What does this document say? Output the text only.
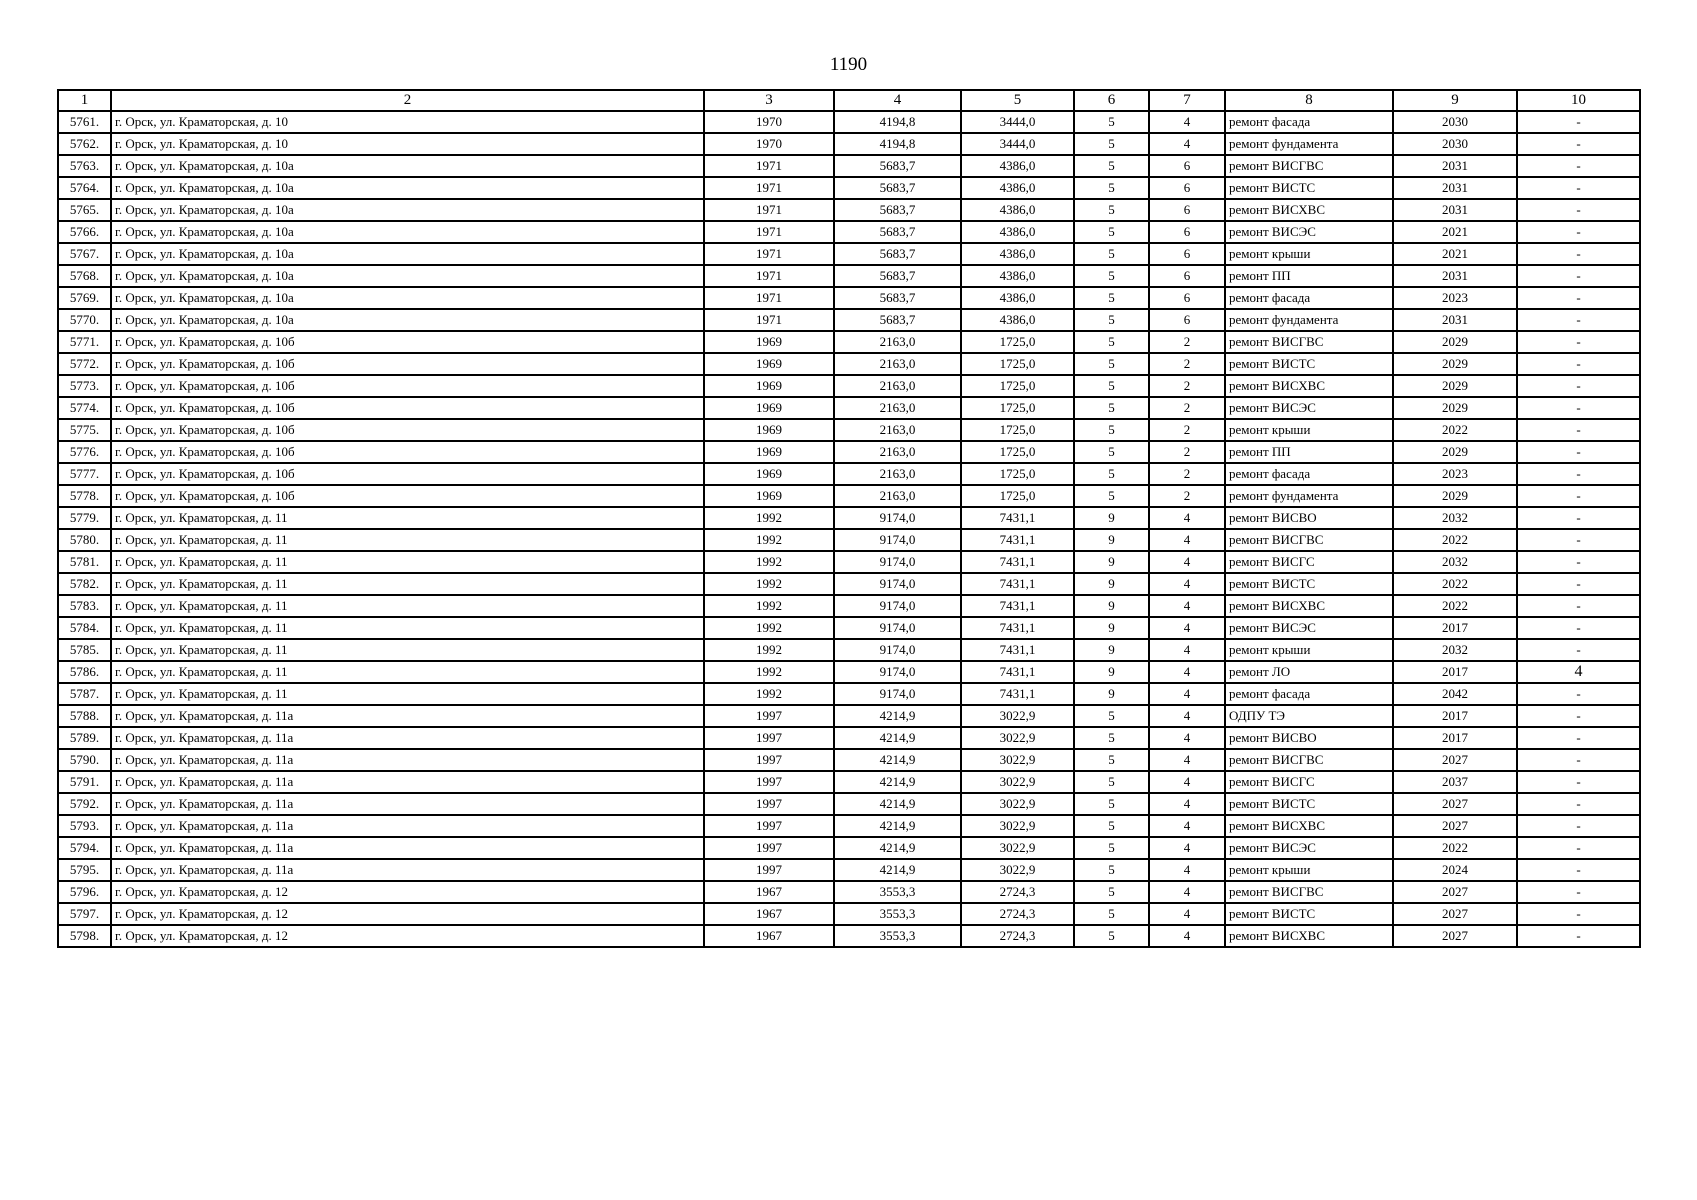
1190
1	2	3	4	5	6	7	8	9	10
5761.	г. Орск, ул. Краматорская, д. 10	1970	4194,8	3444,0	5	4	ремонт фасада	2030	-
5762.	г. Орск, ул. Краматорская, д. 10	1970	4194,8	3444,0	5	4	ремонт фундамента	2030	-
5763.	г. Орск, ул. Краматорская, д. 10а	1971	5683,7	4386,0	5	6	ремонт ВИСГВС	2031	-
5764.	г. Орск, ул. Краматорская, д. 10а	1971	5683,7	4386,0	5	6	ремонт ВИСТС	2031	-
5765.	г. Орск, ул. Краматорская, д. 10а	1971	5683,7	4386,0	5	6	ремонт ВИСХВС	2031	-
5766.	г. Орск, ул. Краматорская, д. 10а	1971	5683,7	4386,0	5	6	ремонт ВИСЭС	2021	-
5767.	г. Орск, ул. Краматорская, д. 10а	1971	5683,7	4386,0	5	6	ремонт крыши	2021	-
5768.	г. Орск, ул. Краматорская, д. 10а	1971	5683,7	4386,0	5	6	ремонт ПП	2031	-
5769.	г. Орск, ул. Краматорская, д. 10а	1971	5683,7	4386,0	5	6	ремонт фасада	2023	-
5770.	г. Орск, ул. Краматорская, д. 10а	1971	5683,7	4386,0	5	6	ремонт фундамента	2031	-
5771.	г. Орск, ул. Краматорская, д. 10б	1969	2163,0	1725,0	5	2	ремонт ВИСГВС	2029	-
5772.	г. Орск, ул. Краматорская, д. 10б	1969	2163,0	1725,0	5	2	ремонт ВИСТС	2029	-
5773.	г. Орск, ул. Краматорская, д. 10б	1969	2163,0	1725,0	5	2	ремонт ВИСХВС	2029	-
5774.	г. Орск, ул. Краматорская, д. 10б	1969	2163,0	1725,0	5	2	ремонт ВИСЭС	2029	-
5775.	г. Орск, ул. Краматорская, д. 10б	1969	2163,0	1725,0	5	2	ремонт крыши	2022	-
5776.	г. Орск, ул. Краматорская, д. 10б	1969	2163,0	1725,0	5	2	ремонт ПП	2029	-
5777.	г. Орск, ул. Краматорская, д. 10б	1969	2163,0	1725,0	5	2	ремонт фасада	2023	-
5778.	г. Орск, ул. Краматорская, д. 10б	1969	2163,0	1725,0	5	2	ремонт фундамента	2029	-
5779.	г. Орск, ул. Краматорская, д. 11	1992	9174,0	7431,1	9	4	ремонт ВИСВО	2032	-
5780.	г. Орск, ул. Краматорская, д. 11	1992	9174,0	7431,1	9	4	ремонт ВИСГВС	2022	-
5781.	г. Орск, ул. Краматорская, д. 11	1992	9174,0	7431,1	9	4	ремонт ВИСГС	2032	-
5782.	г. Орск, ул. Краматорская, д. 11	1992	9174,0	7431,1	9	4	ремонт ВИСТС	2022	-
5783.	г. Орск, ул. Краматорская, д. 11	1992	9174,0	7431,1	9	4	ремонт ВИСХВС	2022	-
5784.	г. Орск, ул. Краматорская, д. 11	1992	9174,0	7431,1	9	4	ремонт ВИСЭС	2017	-
5785.	г. Орск, ул. Краматорская, д. 11	1992	9174,0	7431,1	9	4	ремонт крыши	2032	-
5786.	г. Орск, ул. Краматорская, д. 11	1992	9174,0	7431,1	9	4	ремонт ЛО	2017	4
5787.	г. Орск, ул. Краматорская, д. 11	1992	9174,0	7431,1	9	4	ремонт фасада	2042	-
5788.	г. Орск, ул. Краматорская, д. 11а	1997	4214,9	3022,9	5	4	ОДПУ ТЭ	2017	-
5789.	г. Орск, ул. Краматорская, д. 11а	1997	4214,9	3022,9	5	4	ремонт ВИСВО	2017	-
5790.	г. Орск, ул. Краматорская, д. 11а	1997	4214,9	3022,9	5	4	ремонт ВИСГВС	2027	-
5791.	г. Орск, ул. Краматорская, д. 11а	1997	4214,9	3022,9	5	4	ремонт ВИСГС	2037	-
5792.	г. Орск, ул. Краматорская, д. 11а	1997	4214,9	3022,9	5	4	ремонт ВИСТС	2027	-
5793.	г. Орск, ул. Краматорская, д. 11а	1997	4214,9	3022,9	5	4	ремонт ВИСХВС	2027	-
5794.	г. Орск, ул. Краматорская, д. 11а	1997	4214,9	3022,9	5	4	ремонт ВИСЭС	2022	-
5795.	г. Орск, ул. Краматорская, д. 11а	1997	4214,9	3022,9	5	4	ремонт крыши	2024	-
5796.	г. Орск, ул. Краматорская, д. 12	1967	3553,3	2724,3	5	4	ремонт ВИСГВС	2027	-
5797.	г. Орск, ул. Краматорская, д. 12	1967	3553,3	2724,3	5	4	ремонт ВИСТС	2027	-
5798.	г. Орск, ул. Краматорская, д. 12	1967	3553,3	2724,3	5	4	ремонт ВИСХВС	2027	-
